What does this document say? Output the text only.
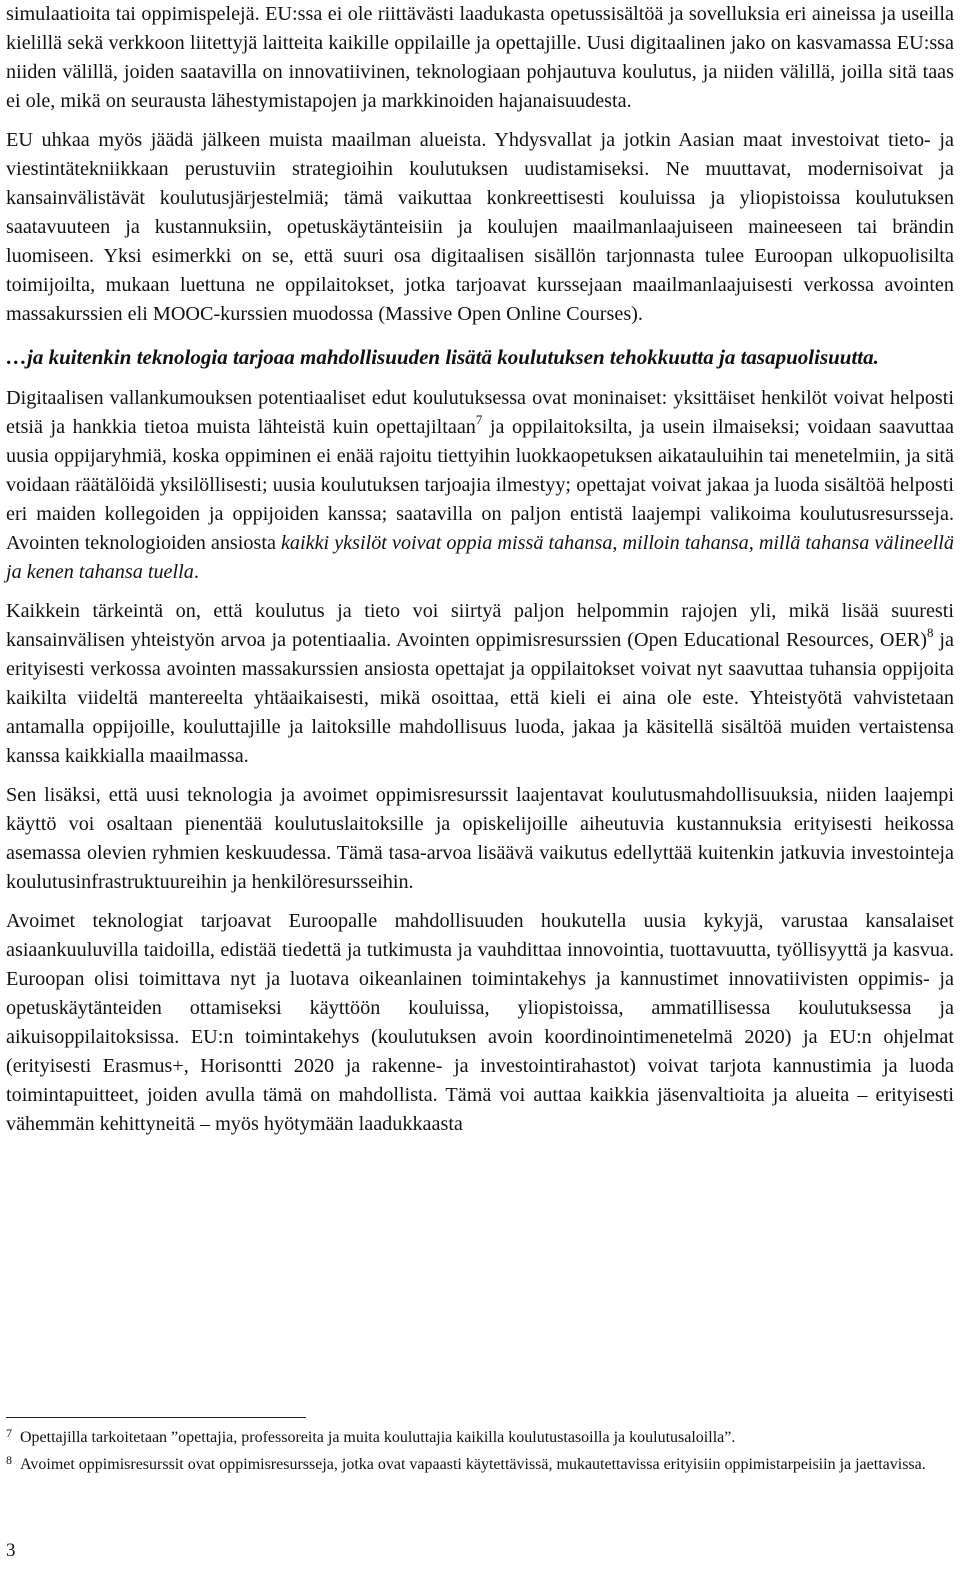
simulaatioita tai oppimispelejä. EU:ssa ei ole riittävästi laadukasta opetussisältöä ja sovelluksia eri aineissa ja useilla kielillä sekä verkkoon liitettyjä laitteita kaikille oppilaille ja opettajille. Uusi digitaalinen jako on kasvamassa EU:ssa niiden välillä, joiden saatavilla on innovatiivinen, teknologiaan pohjautuva koulutus, ja niiden välillä, joilla sitä taas ei ole, mikä on seurausta lähestymistapojen ja markkinoiden hajanaisuudesta.

EU uhkaa myös jäädä jälkeen muista maailman alueista. Yhdysvallat ja jotkin Aasian maat investoivat tieto- ja viestintätekniikkaan perustuviin strategioihin koulutuksen uudistamiseksi. Ne muuttavat, modernisoivat ja kansainvälistävät koulutusjärjestelmiä; tämä vaikuttaa konkreettisesti kouluissa ja yliopistoissa koulutuksen saatavuuteen ja kustannuksiin, opetuskäytänteisiin ja koulujen maailmanlaajuiseen maineeseen tai brändin luomiseen. Yksi esimerkki on se, että suuri osa digitaalisen sisällön tarjonnasta tulee Euroopan ulkopuolisilta toimijoilta, mukaan luettuna ne oppilaitokset, jotka tarjoavat kurssejaan maailmanlaajuisesti verkossa avointen massakurssien eli MOOC-kurssien muodossa (Massive Open Online Courses).

…ja kuitenkin teknologia tarjoaa mahdollisuuden lisätä koulutuksen tehokkuutta ja tasapuolisuutta.

Digitaalisen vallankumouksen potentiaaliset edut koulutuksessa ovat moninaiset: yksittäiset henkilöt voivat helposti etsiä ja hankkia tietoa muista lähteistä kuin opettajiltaan$^7$ ja oppilaitoksilta, ja usein ilmaiseksi; voidaan saavuttaa uusia oppijaryhmiä, koska oppiminen ei enää rajoitu tiettyihin luokkaopetuksen aikatauluihin tai menetelmiin, ja sitä voidaan räätälöidä yksilöllisesti; uusia koulutuksen tarjoajia ilmestyy; opettajat voivat jakaa ja luoda sisältöä helposti eri maiden kollegoiden ja oppijoiden kanssa; saatavilla on paljon entistä laajempi valikoima koulutusresursseja. Avointen teknologioiden ansiosta kaikki yksilöt voivat oppia missä tahansa, milloin tahansa, millä tahansa välineellä ja kenen tahansa tuella.

Kaikkein tärkeintä on, että koulutus ja tieto voi siirtyä paljon helpommin rajojen yli, mikä lisää suuresti kansainvälisen yhteistyön arvoa ja potentiaalia. Avointen oppimisresurssien (Open Educational Resources, OER)$^8$ ja erityisesti verkossa avointen massakurssien ansiosta opettajat ja oppilaitokset voivat nyt saavuttaa tuhansia oppijoita kaikilta viideltä mantereelta yhtäaikaisesti, mikä osoittaa, että kieli ei aina ole este. Yhteistyötä vahvistetaan antamalla oppijoille, kouluttajille ja laitoksille mahdollisuus luoda, jakaa ja käsitellä sisältöä muiden vertaistensa kanssa kaikkialla maailmassa.

Sen lisäksi, että uusi teknologia ja avoimet oppimisresurssit laajentavat koulutusmahdollisuuksia, niiden laajempi käyttö voi osaltaan pienentää koulutuslaitoksille ja opiskelijoille aiheutuvia kustannuksia erityisesti heikossa asemassa olevien ryhmien keskuudessa. Tämä tasa-arvoa lisäävä vaikutus edellyttää kuitenkin jatkuvia investointeja koulutusinfrastruktuureihin ja henkilöresursseihin.

Avoimet teknologiat tarjoavat Euroopalle mahdollisuuden houkutella uusia kykyjä, varustaa kansalaiset asiaankuuluvilla taidoilla, edistää tiedettä ja tutkimusta ja vauhdittaa innovointia, tuottavuutta, työllisyyttä ja kasvua. Euroopan olisi toimittava nyt ja luotava oikeanlainen toimintakehys ja kannustimet innovatiivisten oppimis- ja opetuskäytänteiden ottamiseksi käyttöön kouluissa, yliopistoissa, ammatillisessa koulutuksessa ja aikuisoppilaitoksissa. EU:n toimintakehys (koulutuksen avoin koordinointimenetelmä 2020) ja EU:n ohjelmat (erityisesti Erasmus+, Horisontti 2020 ja rakenne- ja investointirahastot) voivat tarjota kannustimia ja luoda toimintapuitteet, joiden avulla tämä on mahdollista. Tämä voi auttaa kaikkia jäsenvaltioita ja alueita – erityisesti vähemmän kehittyneitä – myös hyötymään laadukkaasta

7 Opettajilla tarkoitetaan ”opettajia, professoreita ja muita kouluttajia kaikilla koulutustasoilla ja koulutusaloilla”.
8 Avoimet oppimisresurssit ovat oppimisresursseja, jotka ovat vapaasti käytettävissä, mukautettavissa erityisiin oppimistarpeisiin ja jaettavissa.
3
